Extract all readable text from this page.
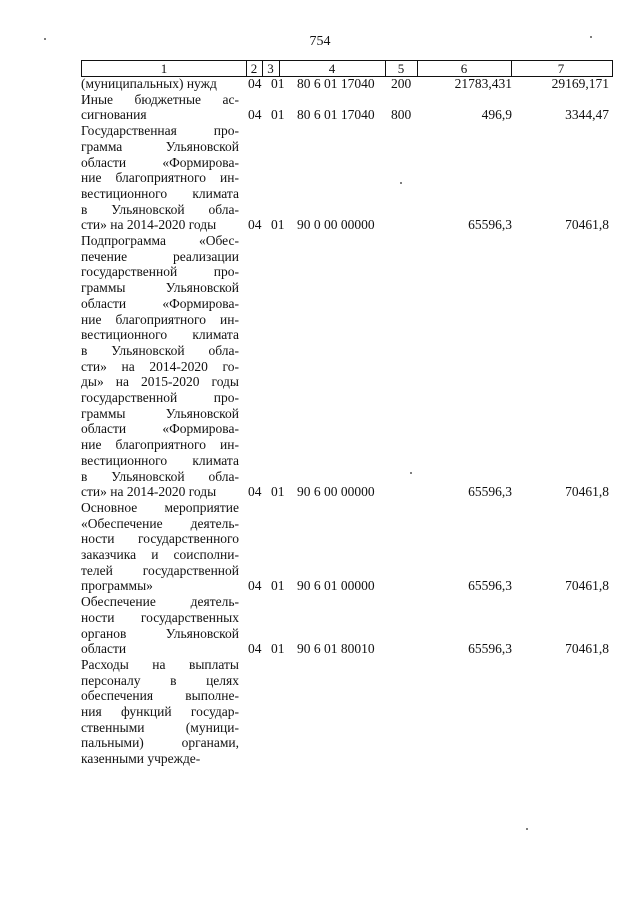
754
1	2 3	4	5	6	7
(муниципальных) нужд	04 01 80 6 01 17040 200	21783,431	29169,171
Иные бюджетные ас-
сигнования	04 01 80 6 01 17040 800	496,9	3344,47
Государственная про-
грамма Ульяновской
области «Формирова-
ние благоприятного ин-
вестиционного климата
в Ульяновской обла-
сти» на 2014-2020 годы	04 01 90 0 00 00000	65596,3	70461,8
Подпрограмма «Обес-
печение реализации
государственной про-
граммы Ульяновской
области «Формирова-
ние благоприятного ин-
вестиционного климата
в Ульяновской обла-
сти» на 2014-2020 го-
ды» на 2015-2020 годы
государственной про-
граммы Ульяновской
области «Формирова-
ние благоприятного ин-
вестиционного климата
в Ульяновской обла-
сти» на 2014-2020 годы	04 01 90 6 00 00000	65596,3	70461,8
Основное мероприятие
«Обеспечение деятель-
ности государственного
заказчика и соисполни-
телей государственной
программы»	04 01 90 6 01 00000	65596,3	70461,8
Обеспечение деятель-
ности государственных
органов Ульяновской
области	04 01 90 6 01 80010	65596,3	70461,8
Расходы на выплаты
персоналу в целях
обеспечения выполне-
ния функций государ-
ственными (муници-
пальными) органами,
казенными учрежде-
